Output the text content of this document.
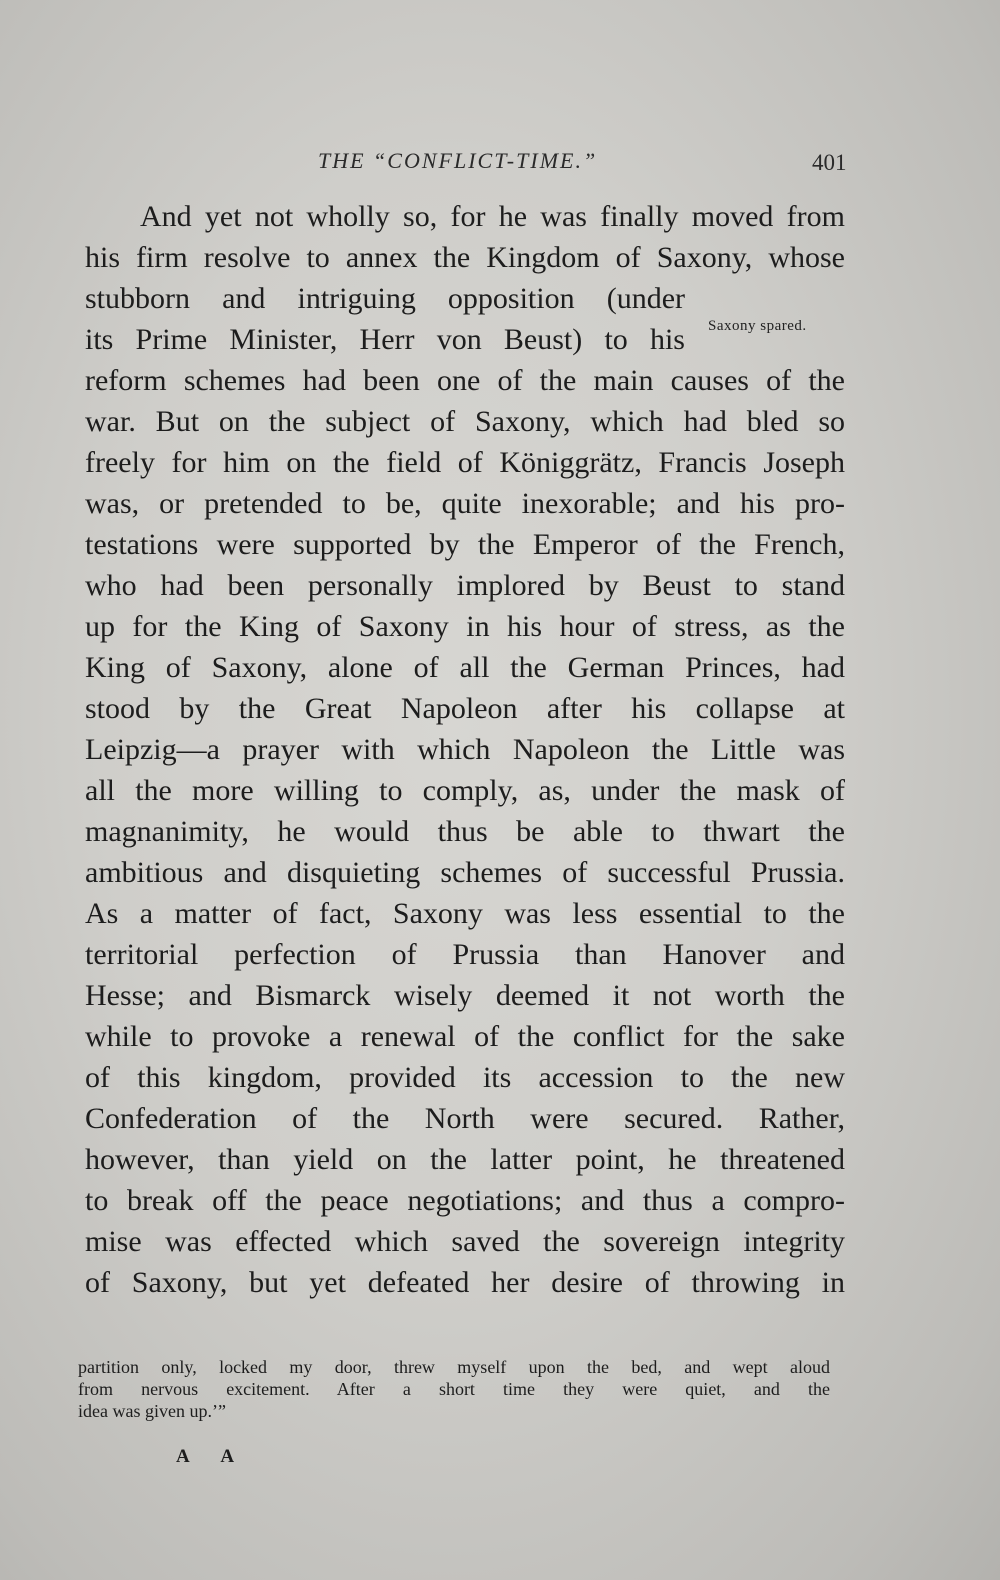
THE “CONFLICT-TIME.”	401
Saxony spared.
And yet not wholly so, for he was finally moved from
his firm resolve to annex the Kingdom of Saxony, whose
stubborn and intriguing opposition (under
its Prime Minister, Herr von Beust) to his
reform schemes had been one of the main causes of the
war. But on the subject of Saxony, which had bled so
freely for him on the field of Königgrätz, Francis Joseph
was, or pretended to be, quite inexorable; and his pro-
testations were supported by the Emperor of the French,
who had been personally implored by Beust to stand
up for the King of Saxony in his hour of stress, as the
King of Saxony, alone of all the German Princes, had
stood by the Great Napoleon after his collapse at
Leipzig—a prayer with which Napoleon the Little was
all the more willing to comply, as, under the mask of
magnanimity, he would thus be able to thwart the
ambitious and disquieting schemes of successful Prussia.
As a matter of fact, Saxony was less essential to the
territorial perfection of Prussia than Hanover and
Hesse; and Bismarck wisely deemed it not worth the
while to provoke a renewal of the conflict for the sake
of this kingdom, provided its accession to the new
Confederation of the North were secured. Rather,
however, than yield on the latter point, he threatened
to break off the peace negotiations; and thus a compro-
mise was effected which saved the sovereign integrity
of Saxony, but yet defeated her desire of throwing in
partition only, locked my door, threw myself upon the bed, and wept aloud
from nervous excitement. After a short time they were quiet, and the
idea was given up.’”
A A
